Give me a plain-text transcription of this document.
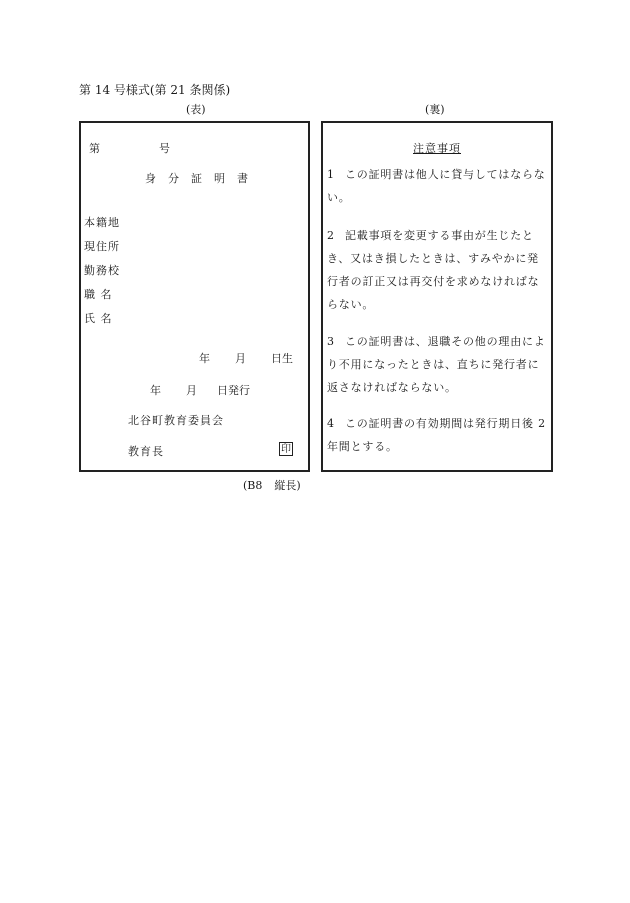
第 14 号様式(第 21 条関係)
(表)	(裏)
第	号
身分証明書
本籍地
現住所
勤務校
職 名
氏 名
年 月 日生
年 月 日発行
北谷町教育委員会
教育長	印
注意事項
1 この証明書は他人に貸与してはならない。
2 記載事項を変更する事由が生じたとき、又はき損したときは、すみやかに発行者の訂正又は再交付を求めなければならない。
3 この証明書は、退職その他の理由により不用になったときは、直ちに発行者に返さなければならない。
4 この証明書の有効期間は発行期日後 2 年間とする。
(B8 縦長)
